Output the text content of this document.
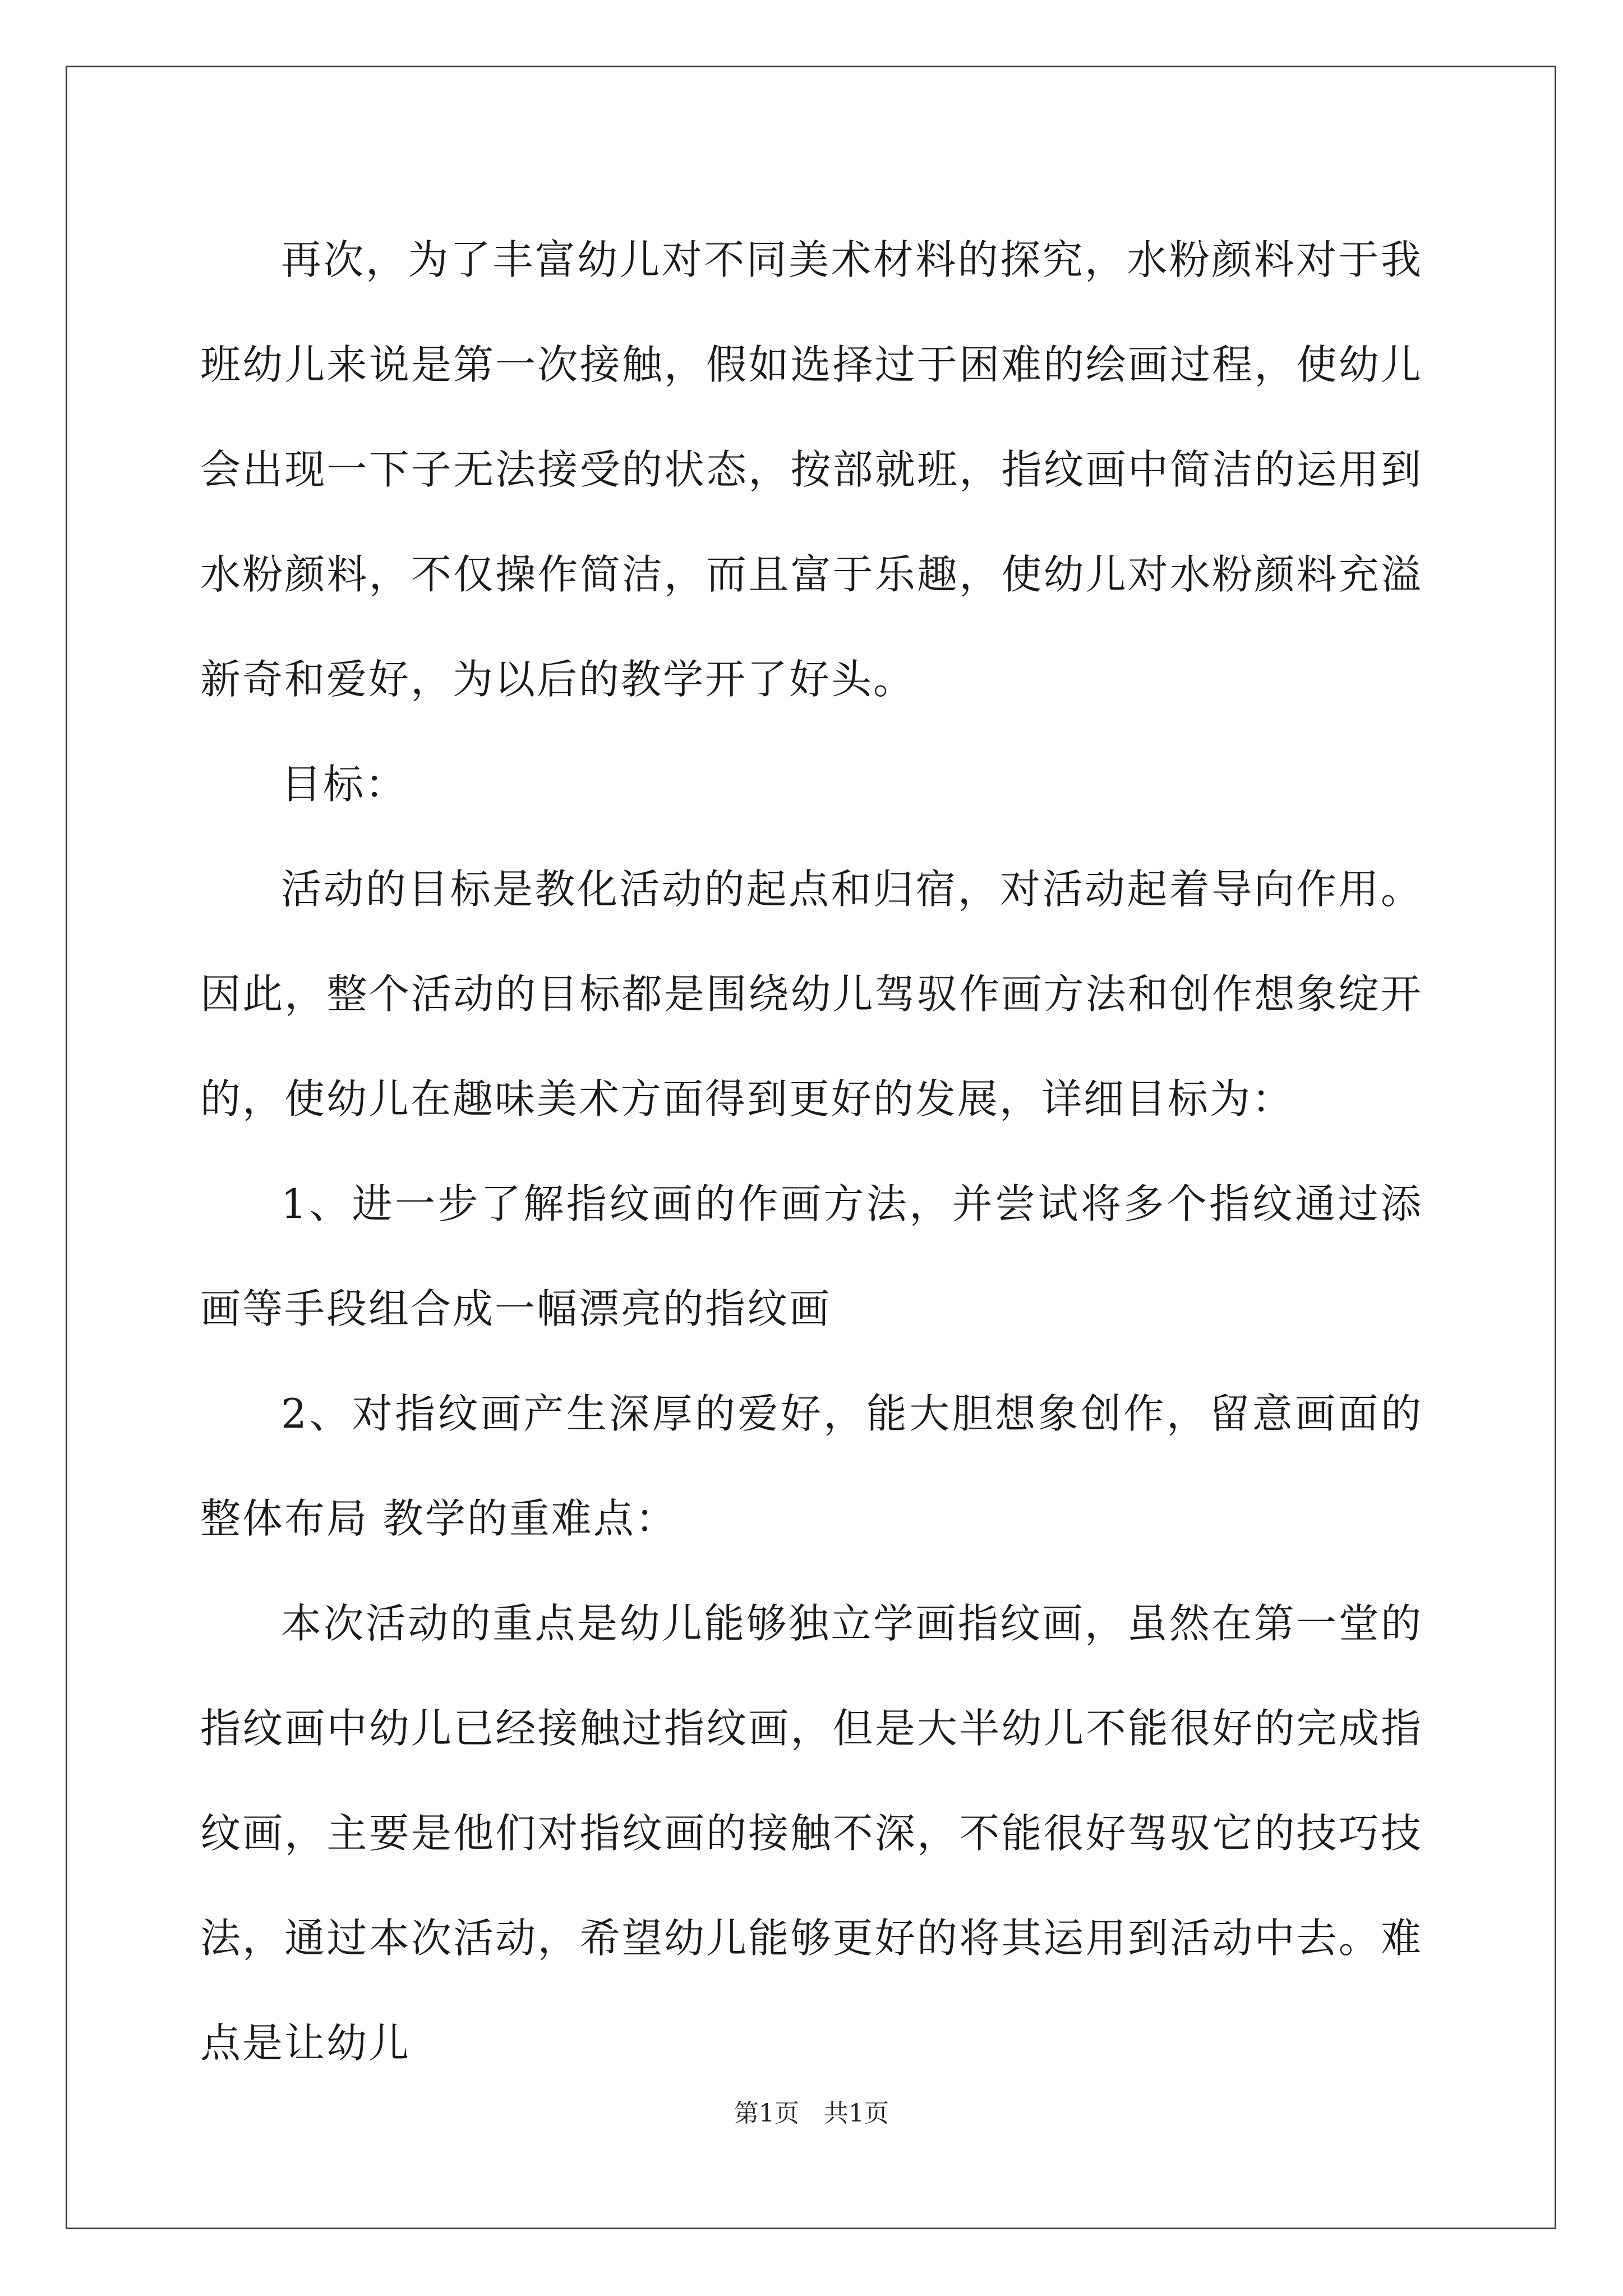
再次，为了丰富幼儿对不同美术材料的探究，水粉颜料对于我班幼儿来说是第一次接触，假如选择过于困难的绘画过程，使幼儿会出现一下子无法接受的状态，按部就班，指纹画中简洁的运用到水粉颜料，不仅操作简洁，而且富于乐趣，使幼儿对水粉颜料充溢新奇和爱好，为以后的教学开了好头。

目标：

活动的目标是教化活动的起点和归宿，对活动起着导向作用。因此，整个活动的目标都是围绕幼儿驾驭作画方法和创作想象绽开的，使幼儿在趣味美术方面得到更好的发展，详细目标为：

1、进一步了解指纹画的作画方法，并尝试将多个指纹通过添画等手段组合成一幅漂亮的指纹画

2、对指纹画产生深厚的爱好，能大胆想象创作，留意画面的整体布局 教学的重难点：

本次活动的重点是幼儿能够独立学画指纹画，虽然在第一堂的指纹画中幼儿已经接触过指纹画，但是大半幼儿不能很好的完成指纹画，主要是他们对指纹画的接触不深，不能很好驾驭它的技巧技法，通过本次活动，希望幼儿能够更好的将其运用到活动中去。难点是让幼儿

第1页 共1页
